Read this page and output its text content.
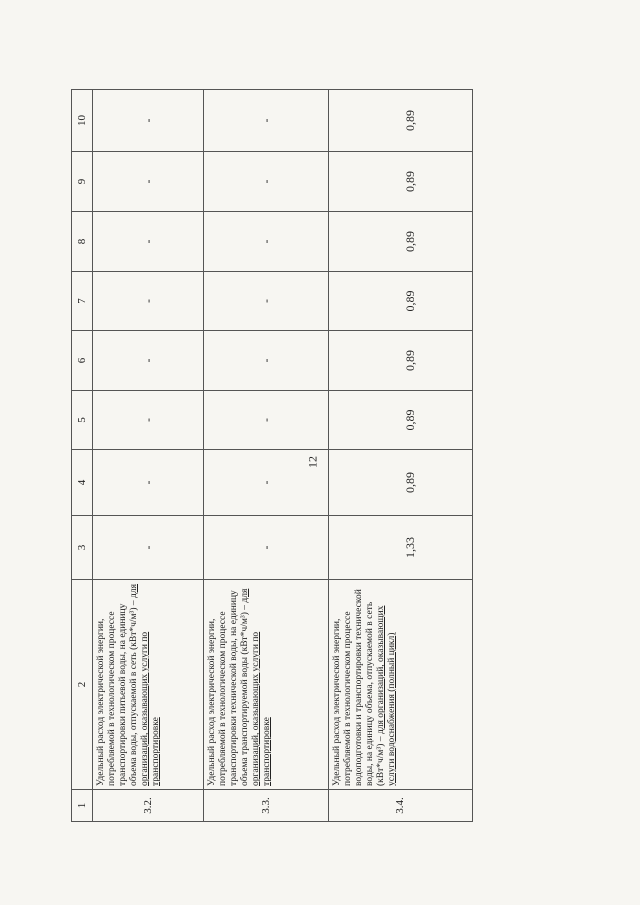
12
1	2	3	4	5	6	7	8	9	10
3.2.	Удельный расход электрической энергии, потребляемой в технологическом процессе транспортировки питьевой воды, на единицу объема воды, отпускаемой в сеть (кВт*ч/м³) – для организаций, оказывающих услуги по транспортировке	-	-	-	-	-	-	-	-
3.3.	Удельный расход электрической энергии, потребляемой в технологическом процессе транспортировки технической воды, на единицу объема транспортируемой воды (кВт*ч/м³) – для организаций, оказывающих услуги по транспортировке	-	-	-	-	-	-	-	-
3.4.	Удельный расход электрической энергии, потребляемой в технологическом процессе водоподготовки и транспортировки технической воды, на единицу объема, отпускаемой в сеть (кВт*ч/м³) – для организаций, оказывающих услуги водоснабжения (полный цикл)	1,33	0,89	0,89	0,89	0,89	0,89	0,89	0,89
